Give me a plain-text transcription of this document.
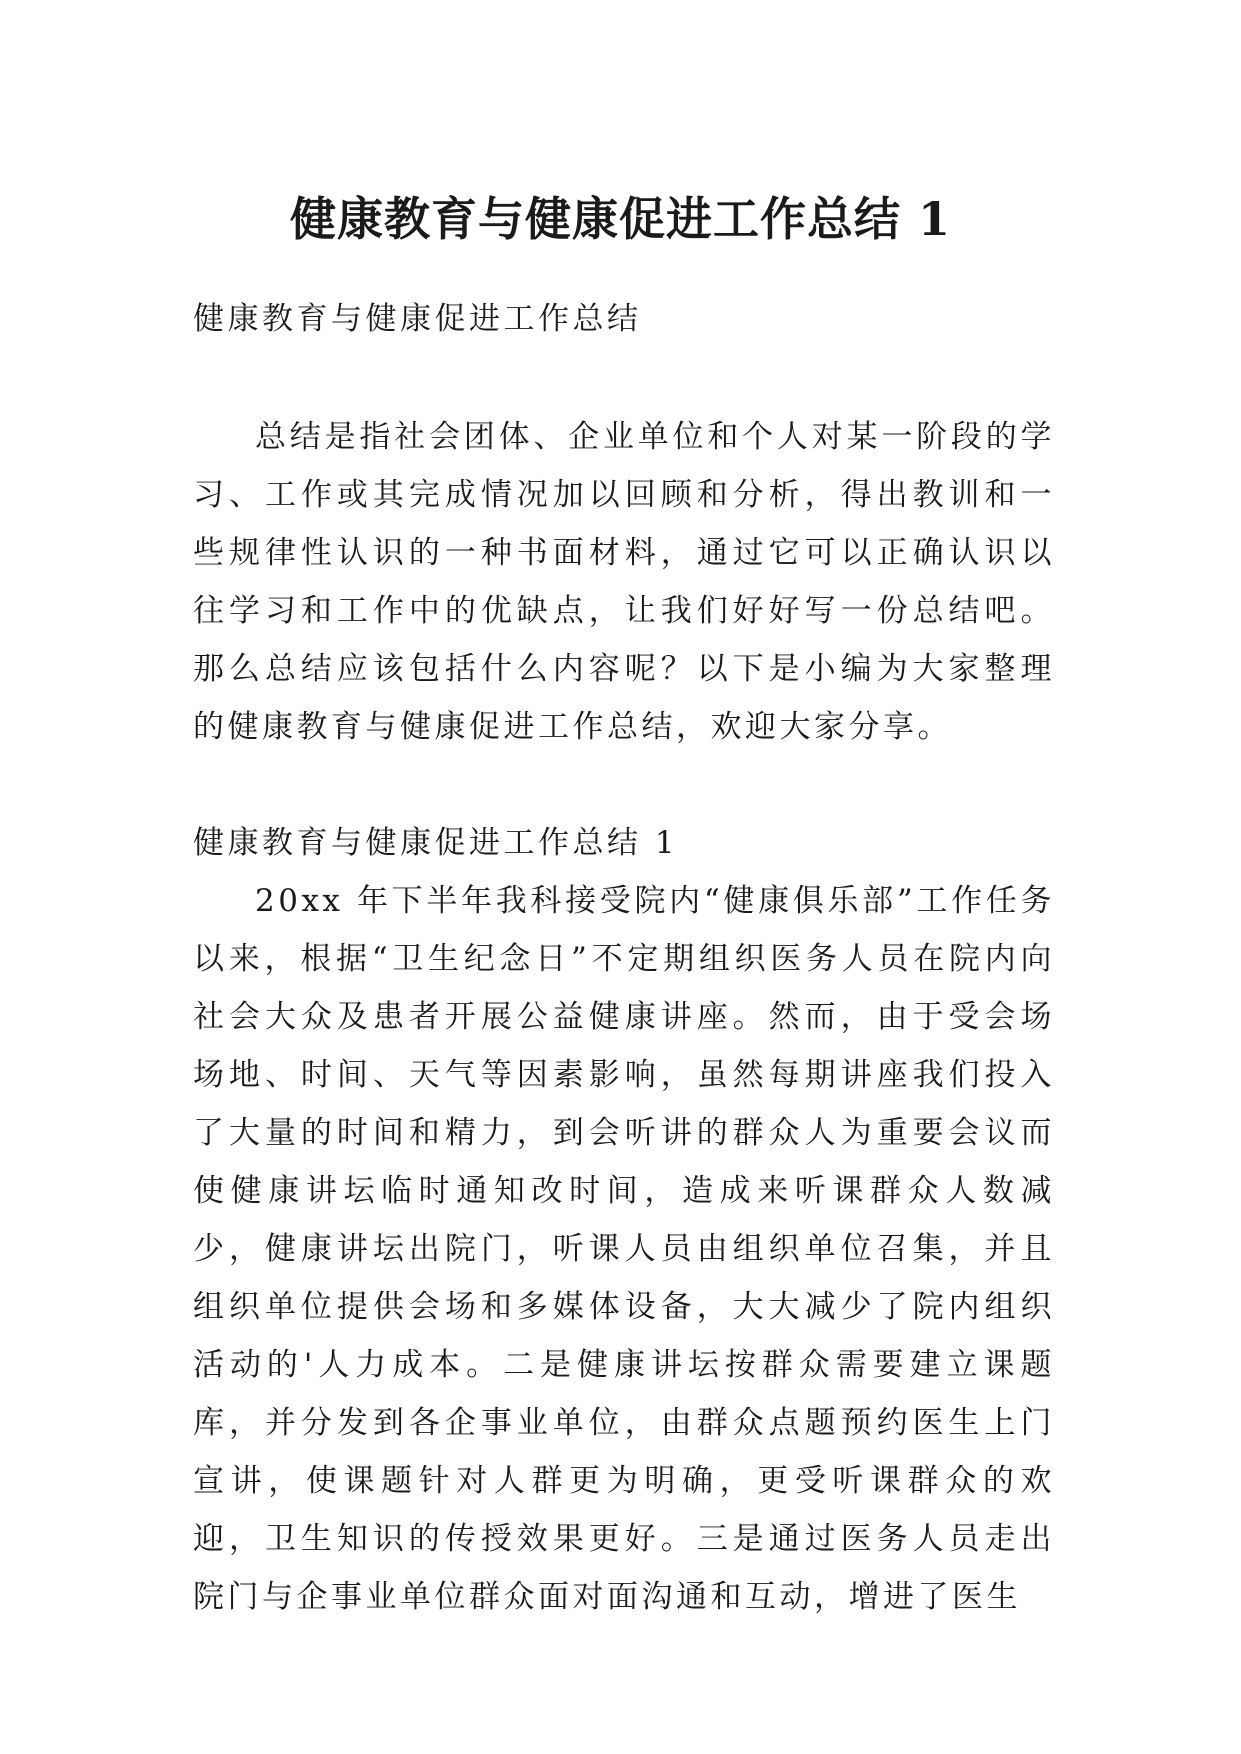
健康教育与健康促进工作总结 1

健康教育与健康促进工作总结

总结是指社会团体、企业单位和个人对某一阶段的学习、工作或其完成情况加以回顾和分析，得出教训和一些规律性认识的一种书面材料，通过它可以正确认识以往学习和工作中的优缺点，让我们好好写一份总结吧。那么总结应该包括什么内容呢？以下是小编为大家整理的健康教育与健康促进工作总结，欢迎大家分享。

健康教育与健康促进工作总结 1

20xx 年下半年我科接受院内“健康俱乐部”工作任务以来，根据“卫生纪念日”不定期组织医务人员在院内向社会大众及患者开展公益健康讲座。然而，由于受会场场地、时间、天气等因素影响，虽然每期讲座我们投入了大量的时间和精力，到会听讲的群众人为重要会议而使健康讲坛临时通知改时间，造成来听课群众人数减少，健康讲坛出院门，听课人员由组织单位召集，并且组织单位提供会场和多媒体设备，大大减少了院内组织活动的'人力成本。二是健康讲坛按群众需要建立课题库，并分发到各企事业单位，由群众点题预约医生上门宣讲，使课题针对人群更为明确，更受听课群众的欢迎，卫生知识的传授效果更好。三是通过医务人员走出院门与企事业单位群众面对面沟通和互动，增进了医生
